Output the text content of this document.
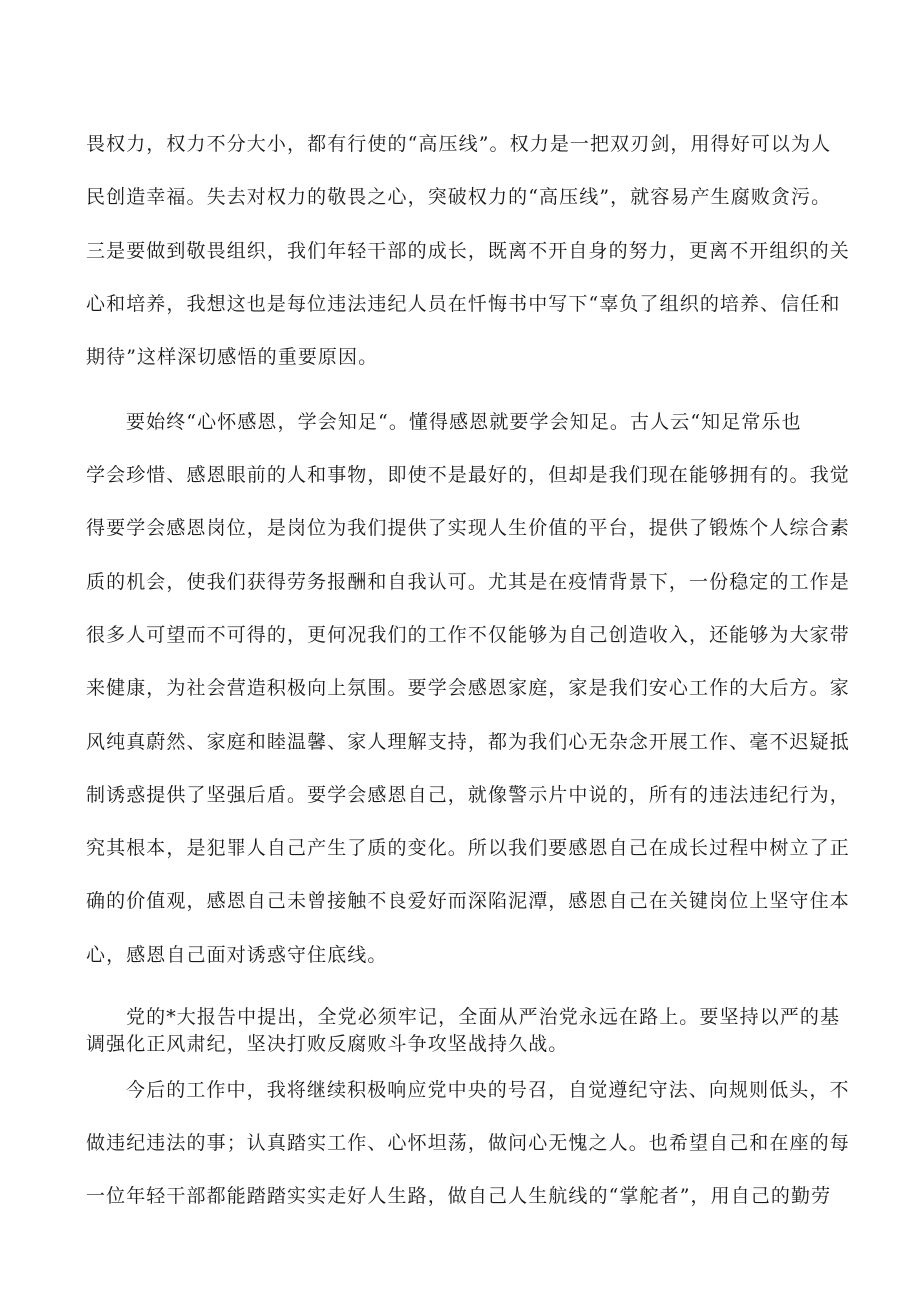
畏权力，权力不分大小，都有行使的“高压线”。权力是一把双刃剑，用得好可以为人
民创造幸福。失去对权力的敬畏之心，突破权力的“高压线”，就容易产生腐败贪污。
三是要做到敬畏组织，我们年轻干部的成长，既离不开自身的努力，更离不开组织的关
心和培养，我想这也是每位违法违纪人员在忏悔书中写下“辜负了组织的培养、信任和
期待”这样深切感悟的重要原因。
要始终“心怀感恩，学会知足“。懂得感恩就要学会知足。古人云“知足常乐也
学会珍惜、感恩眼前的人和事物，即使不是最好的，但却是我们现在能够拥有的。我觉
得要学会感恩岗位，是岗位为我们提供了实现人生价值的平台，提供了锻炼个人综合素
质的机会，使我们获得劳务报酬和自我认可。尤其是在疫情背景下，一份稳定的工作是
很多人可望而不可得的，更何况我们的工作不仅能够为自己创造收入，还能够为大家带
来健康，为社会营造积极向上氛围。要学会感恩家庭，家是我们安心工作的大后方。家
风纯真蔚然、家庭和睦温馨、家人理解支持，都为我们心无杂念开展工作、毫不迟疑抵
制诱惑提供了坚强后盾。要学会感恩自己，就像警示片中说的，所有的违法违纪行为，
究其根本，是犯罪人自己产生了质的变化。所以我们要感恩自己在成长过程中树立了正
确的价值观，感恩自己未曾接触不良爱好而深陷泥潭，感恩自己在关键岗位上坚守住本
心，感恩自己面对诱惑守住底线。
党的*大报告中提出，全党必须牢记，全面从严治党永远在路上。要坚持以严的基
调强化正风肃纪，坚决打败反腐败斗争攻坚战持久战。
今后的工作中，我将继续积极响应党中央的号召，自觉遵纪守法、向规则低头，不
做违纪违法的事；认真踏实工作、心怀坦荡，做问心无愧之人。也希望自己和在座的每
一位年轻干部都能踏踏实实走好人生路，做自己人生航线的“掌舵者”，用自己的勤劳
